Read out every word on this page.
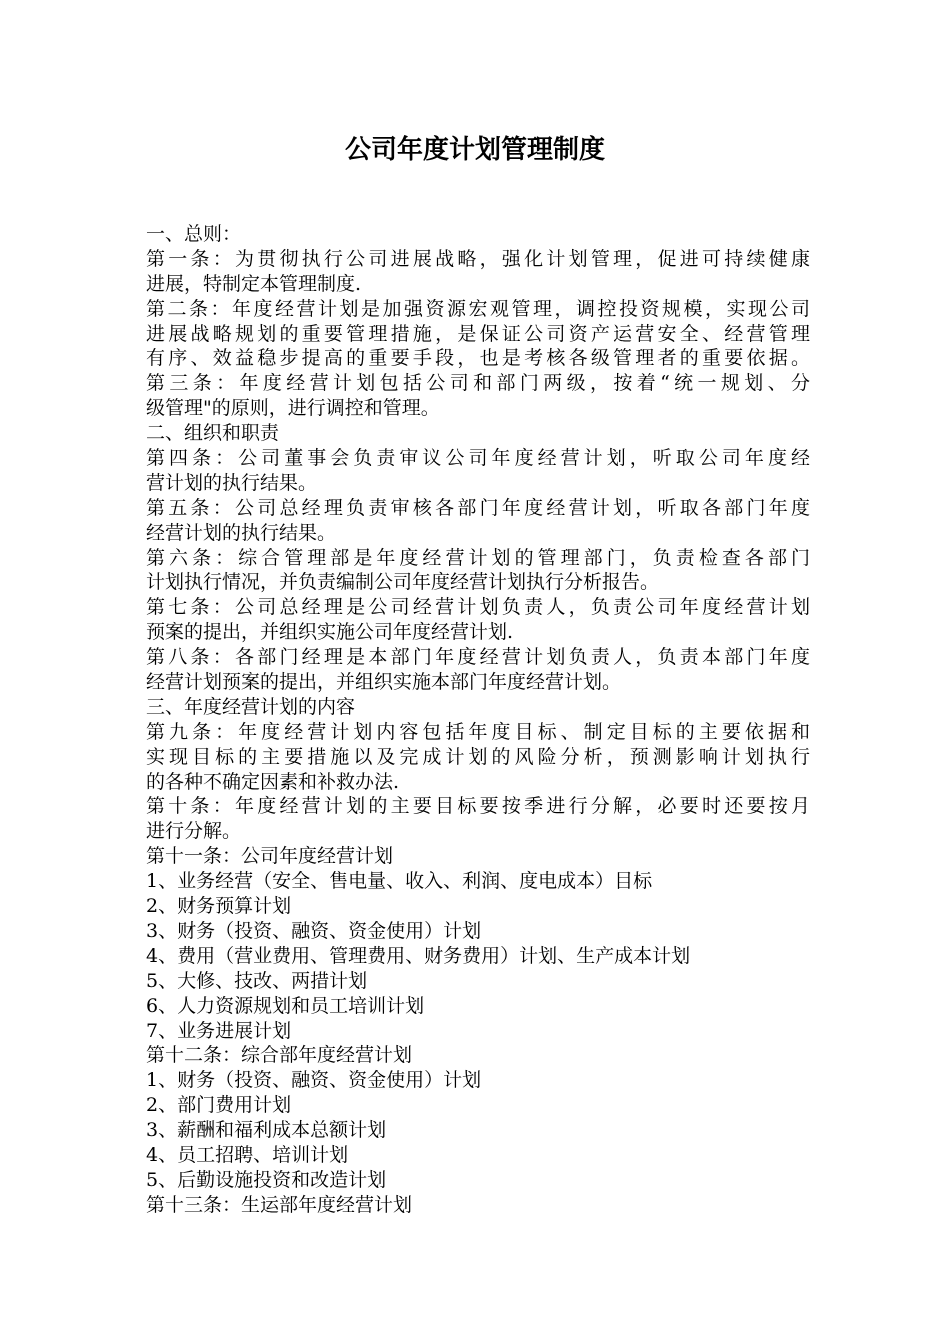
公司年度计划管理制度
一、总则：
第一条：为贯彻执行公司进展战略，强化计划管理，促进可持续健康
进展，特制定本管理制度.
第二条：年度经营计划是加强资源宏观管理，调控投资规模，实现公司
进展战略规划的重要管理措施，是保证公司资产运营安全、经营管理
有序、效益稳步提高的重要手段，也是考核各级管理者的重要依据。
第三条：年度经营计划包括公司和部门两级，按着“统一规划、分
级管理"的原则，进行调控和管理。
二、组织和职责
第四条：公司董事会负责审议公司年度经营计划，听取公司年度经
营计划的执行结果。
第五条：公司总经理负责审核各部门年度经营计划，听取各部门年度
经营计划的执行结果。
第六条：综合管理部是年度经营计划的管理部门，负责检查各部门
计划执行情况，并负责编制公司年度经营计划执行分析报告。
第七条：公司总经理是公司经营计划负责人，负责公司年度经营计划
预案的提出，并组织实施公司年度经营计划.
第八条：各部门经理是本部门年度经营计划负责人，负责本部门年度
经营计划预案的提出，并组织实施本部门年度经营计划。
三、年度经营计划的内容
第九条：年度经营计划内容包括年度目标、制定目标的主要依据和
实现目标的主要措施以及完成计划的风险分析，预测影响计划执行
的各种不确定因素和补救办法.
第十条：年度经营计划的主要目标要按季进行分解，必要时还要按月
进行分解。
第十一条：公司年度经营计划
1、业务经营（安全、售电量、收入、利润、度电成本）目标
2、财务预算计划
3、财务（投资、融资、资金使用）计划
4、费用（营业费用、管理费用、财务费用）计划、生产成本计划
5、大修、技改、两措计划
6、人力资源规划和员工培训计划
7、业务进展计划
第十二条：综合部年度经营计划
1、财务（投资、融资、资金使用）计划
2、部门费用计划
3、薪酬和福利成本总额计划
4、员工招聘、培训计划
5、后勤设施投资和改造计划
第十三条：生运部年度经营计划
